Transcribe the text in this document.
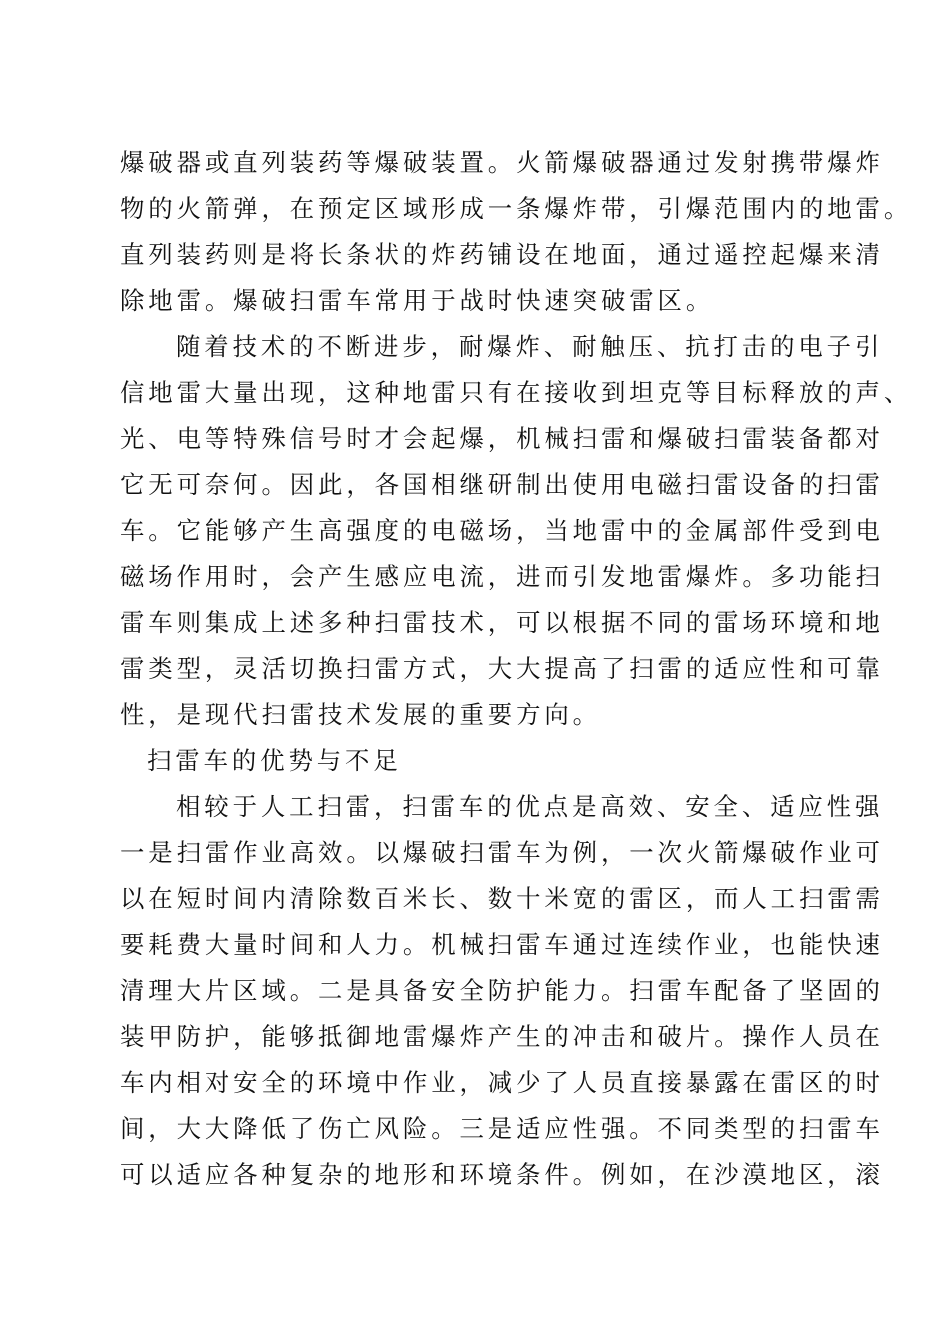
爆破器或直列装药等爆破装置。火箭爆破器通过发射携带爆炸
物的火箭弹，在预定区域形成一条爆炸带，引爆范围内的地雷。
直列装药则是将长条状的炸药铺设在地面，通过遥控起爆来清
除地雷。爆破扫雷车常用于战时快速突破雷区。
随着技术的不断进步，耐爆炸、耐触压、抗打击的电子引
信地雷大量出现，这种地雷只有在接收到坦克等目标释放的声、
光、电等特殊信号时才会起爆，机械扫雷和爆破扫雷装备都对
它无可奈何。因此，各国相继研制出使用电磁扫雷设备的扫雷
车。它能够产生高强度的电磁场，当地雷中的金属部件受到电
磁场作用时，会产生感应电流，进而引发地雷爆炸。多功能扫
雷车则集成上述多种扫雷技术，可以根据不同的雷场环境和地
雷类型，灵活切换扫雷方式，大大提高了扫雷的适应性和可靠
性，是现代扫雷技术发展的重要方向。
扫雷车的优势与不足
相较于人工扫雷，扫雷车的优点是高效、安全、适应性强
一是扫雷作业高效。以爆破扫雷车为例，一次火箭爆破作业可
以在短时间内清除数百米长、数十米宽的雷区，而人工扫雷需
要耗费大量时间和人力。机械扫雷车通过连续作业，也能快速
清理大片区域。二是具备安全防护能力。扫雷车配备了坚固的
装甲防护，能够抵御地雷爆炸产生的冲击和破片。操作人员在
车内相对安全的环境中作业，减少了人员直接暴露在雷区的时
间，大大降低了伤亡风险。三是适应性强。不同类型的扫雷车
可以适应各种复杂的地形和环境条件。例如，在沙漠地区，滚
